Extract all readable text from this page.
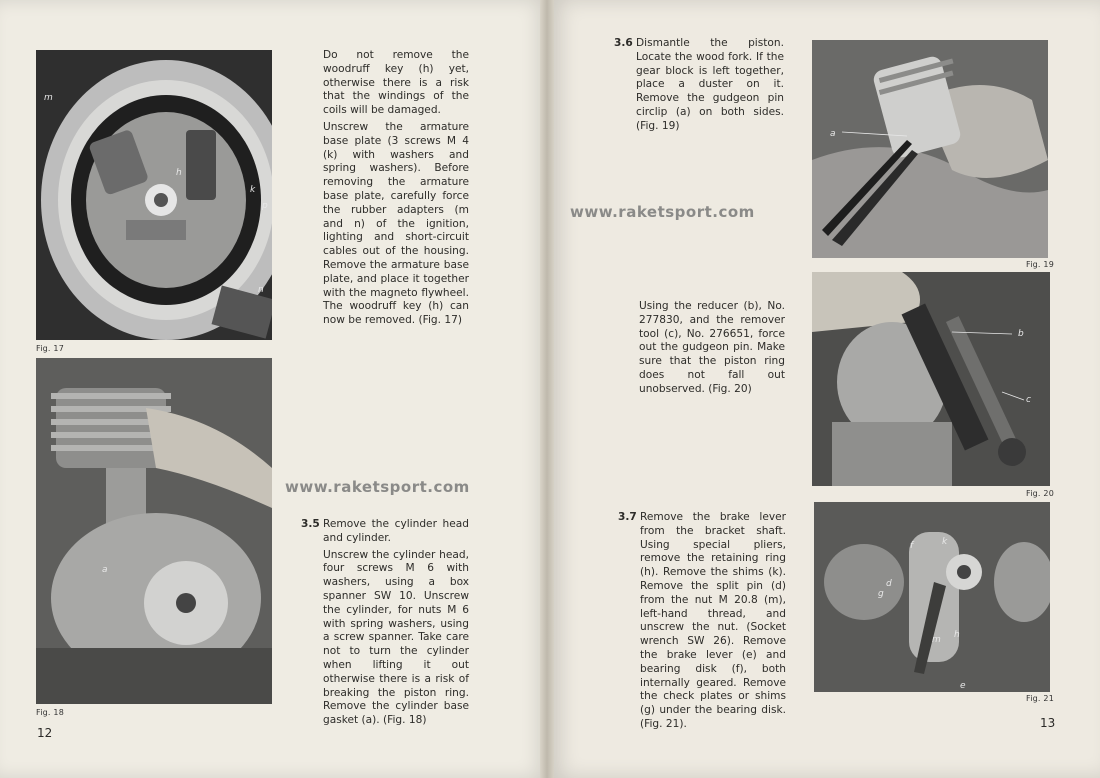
m
h
k
p
n
Fig. 17
a
Fig. 18

Do not remove the woodruff key (h) yet, otherwise there is a risk that the windings of the coils will be damaged.

Unscrew the armature base plate (3 screws M 4 (k) with washers and spring washers). Before removing the armature base plate, carefully force the rubber adapters (m and n) of the ignition, lighting and short-circuit cables out of the housing. Remove the armature base plate, and place it together with the magneto flywheel. The woodruff key (h) can now be removed. (Fig. 17)

www.raketsport.com
3.5 Remove the cylinder head and cylinder.

Unscrew the cylinder head, four screws M 6 with washers, using a box spanner SW 10. Unscrew the cylinder, for nuts M 6 with spring washers, using a screw spanner. Take care not to turn the cylinder when lifting it out otherwise there is a risk of breaking the piston ring. Remove the cylinder base gasket (a). (Fig. 18)

12
3.6 Dismantle the piston. Locate the wood fork. If the gear block is left together, place a duster on it. Remove the gudgeon pin circlip (a) on both sides. (Fig. 19)

www.raketsport.com

Using the reducer (b), No. 277830, and the remover tool (c), No. 276651, force out the gudgeon pin. Make sure that the piston ring does not fall out unobserved. (Fig. 20)

3.7 Remove the brake lever from the bracket shaft. Using special pliers, remove the retaining ring (h). Remove the shims (k). Remove the split pin (d) from the nut M 20.8 (m), left-hand thread, and unscrew the nut. (Socket wrench SW 26). Remove the brake lever (e) and bearing disk (f), both internally geared. Remove the check plates or shims (g) under the bearing disk. (Fig. 21).

a
Fig. 19
b
c
Fig. 20
f	k
d
g
m h
e
Fig. 21
13
